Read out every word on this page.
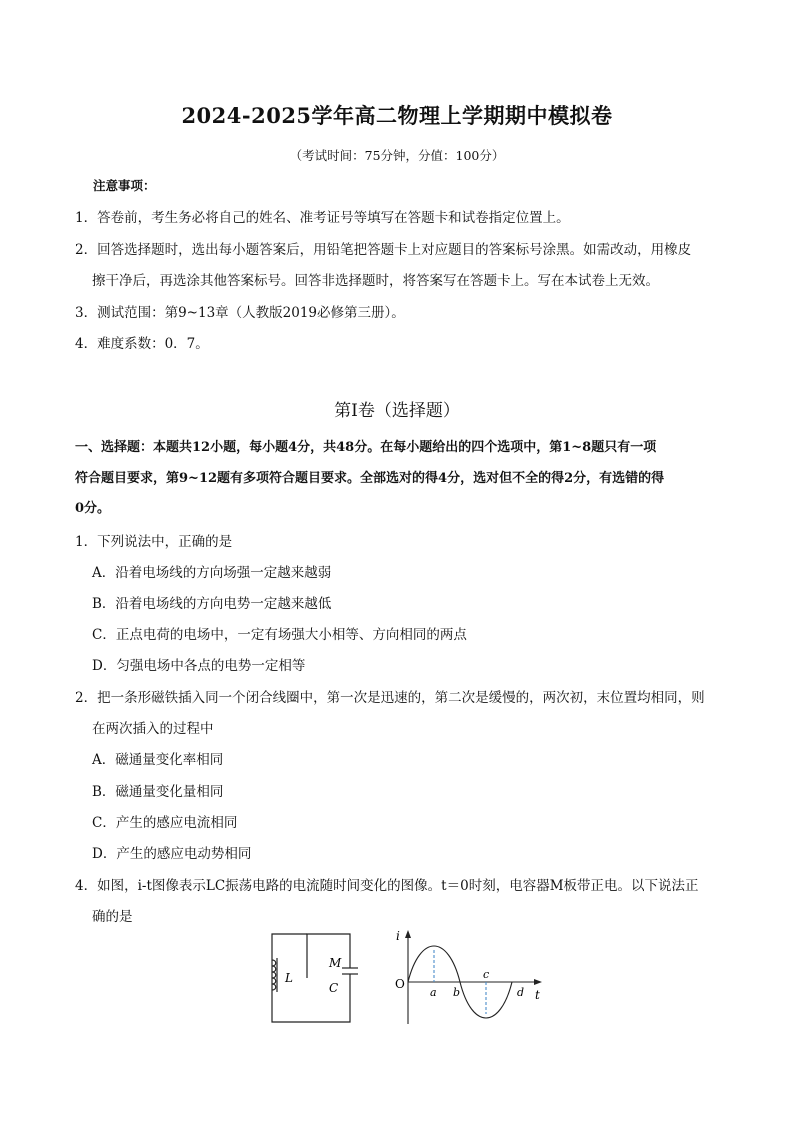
2024-2025学年高二物理上学期期中模拟卷
（考试时间：75分钟，分值：100分）
注意事项：
1．答卷前，考生务必将自己的姓名、准考证号等填写在答题卡和试卷指定位置上。
2．回答选择题时，选出每小题答案后，用铅笔把答题卡上对应题目的答案标号涂黑。如需改动，用橡皮
擦干净后，再选涂其他答案标号。回答非选择题时，将答案写在答题卡上。写在本试卷上无效。
3．测试范围：第9~13章（人教版2019必修第三册）。
4．难度系数：0．7。
第Ⅰ卷（选择题）
一、选择题：本题共12小题，每小题4分，共48分。在每小题给出的四个选项中，第1~8题只有一项
符合题目要求，第9~12题有多项符合题目要求。全部选对的得4分，选对但不全的得2分，有选错的得
0分。
1．下列说法中，正确的是
A．沿着电场线的方向场强一定越来越弱
B．沿着电场线的方向电势一定越来越低
C．正点电荷的电场中，一定有场强大小相等、方向相同的两点
D．匀强电场中各点的电势一定相等
2．把一条形磁铁插入同一个闭合线圈中，第一次是迅速的，第二次是缓慢的，两次初，末位置均相同，则
在两次插入的过程中
A．磁通量变化率相同
B．磁通量变化量相同
C．产生的感应电流相同
D．产生的感应电动势相同
4．如图，i-t图像表示LC振荡电路的电流随时间变化的图像。t＝0时刻，电容器M板带正电。以下说法正
确的是
L
M
C
i
t
O
a b
c
d
